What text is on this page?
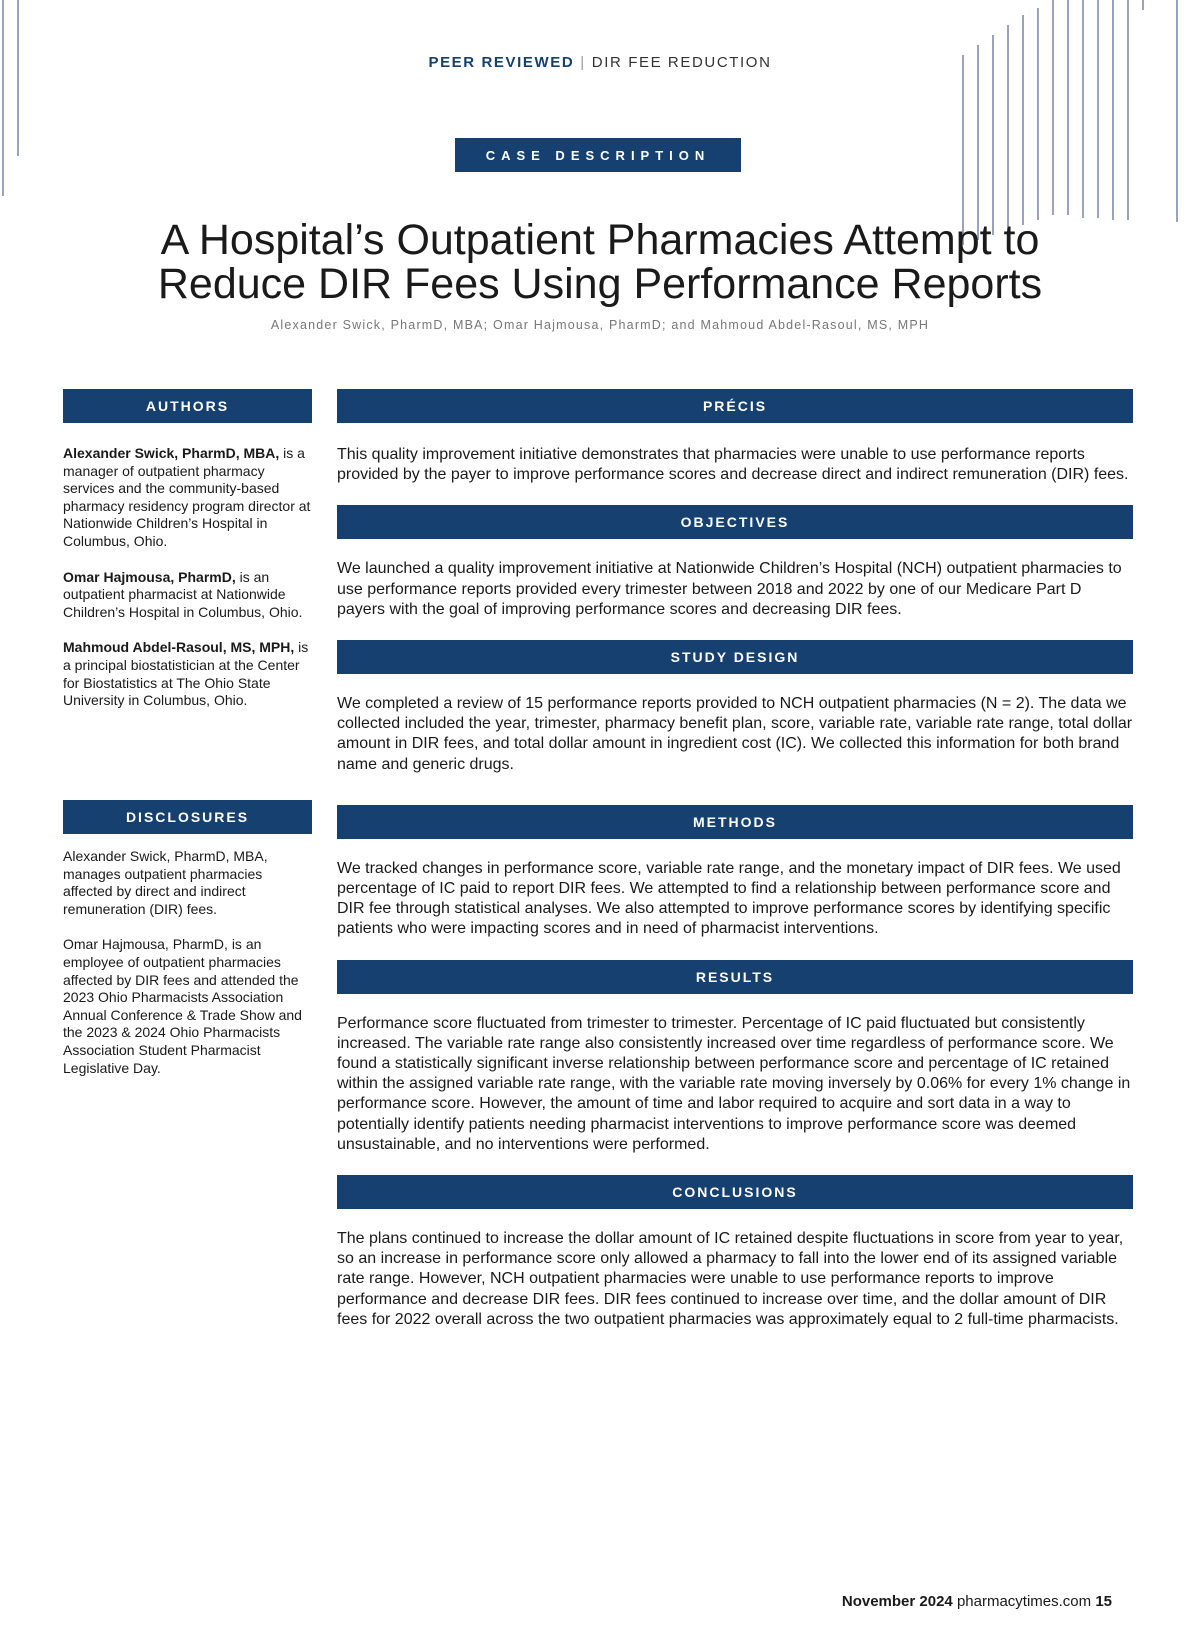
PEER REVIEWED | DIR FEE REDUCTION
CASE DESCRIPTION
A Hospital’s Outpatient Pharmacies Attempt to
Reduce DIR Fees Using Performance Reports
Alexander Swick, PharmD, MBA; Omar Hajmousa, PharmD; and Mahmoud Abdel-Rasoul, MS, MPH
AUTHORS

Alexander Swick, PharmD, MBA, is a manager of outpatient pharmacy services and the community-based pharmacy residency program director at Nationwide Children’s Hospital in Columbus, Ohio.

Omar Hajmousa, PharmD, is an outpatient pharmacist at Nationwide Children’s Hospital in Columbus, Ohio.

Mahmoud Abdel-Rasoul, MS, MPH, is a principal biostatistician at the Center for Biostatistics at The Ohio State University in Columbus, Ohio.

DISCLOSURES

Alexander Swick, PharmD, MBA, manages outpatient pharmacies affected by direct and indirect remuneration (DIR) fees.

Omar Hajmousa, PharmD, is an employee of outpatient pharmacies affected by DIR fees and attended the 2023 Ohio Pharmacists Association Annual Conference & Trade Show and the 2023 & 2024 Ohio Pharmacists Association Student Pharmacist Legislative Day.

PRÉCIS

This quality improvement initiative demonstrates that pharmacies were unable to use performance reports provided by the payer to improve performance scores and decrease direct and indirect remuneration (DIR) fees.

OBJECTIVES

We launched a quality improvement initiative at Nationwide Children’s Hospital (NCH) outpatient pharmacies to use performance reports provided every trimester between 2018 and 2022 by one of our Medicare Part D payers with the goal of improving performance scores and decreasing DIR fees.

STUDY DESIGN

We completed a review of 15 performance reports provided to NCH outpatient pharmacies (N = 2). The data we collected included the year, trimester, pharmacy benefit plan, score, variable rate, variable rate range, total dollar amount in DIR fees, and total dollar amount in ingredient cost (IC). We collected this information for both brand name and generic drugs.

METHODS

We tracked changes in performance score, variable rate range, and the monetary impact of DIR fees. We used percentage of IC paid to report DIR fees. We attempted to find a relationship between performance score and DIR fee through statistical analyses. We also attempted to improve performance scores by identifying specific patients who were impacting scores and in need of pharmacist interventions.

RESULTS

Performance score fluctuated from trimester to trimester. Percentage of IC paid fluctuated but consistently increased. The variable rate range also consistently increased over time regardless of performance score. We found a statistically significant inverse relationship between performance score and percentage of IC retained within the assigned variable rate range, with the variable rate moving inversely by 0.06% for every 1% change in performance score. However, the amount of time and labor required to acquire and sort data in a way to potentially identify patients needing pharmacist interventions to improve performance score was deemed unsustainable, and no interventions were performed.

CONCLUSIONS

The plans continued to increase the dollar amount of IC retained despite fluctuations in score from year to year, so an increase in performance score only allowed a pharmacy to fall into the lower end of its assigned variable rate range. However, NCH outpatient pharmacies were unable to use performance reports to improve performance and decrease DIR fees. DIR fees continued to increase over time, and the dollar amount of DIR fees for 2022 overall across the two outpatient pharmacies was approximately equal to 2 full-time pharmacists.

November 2024 pharmacytimes.com 15
